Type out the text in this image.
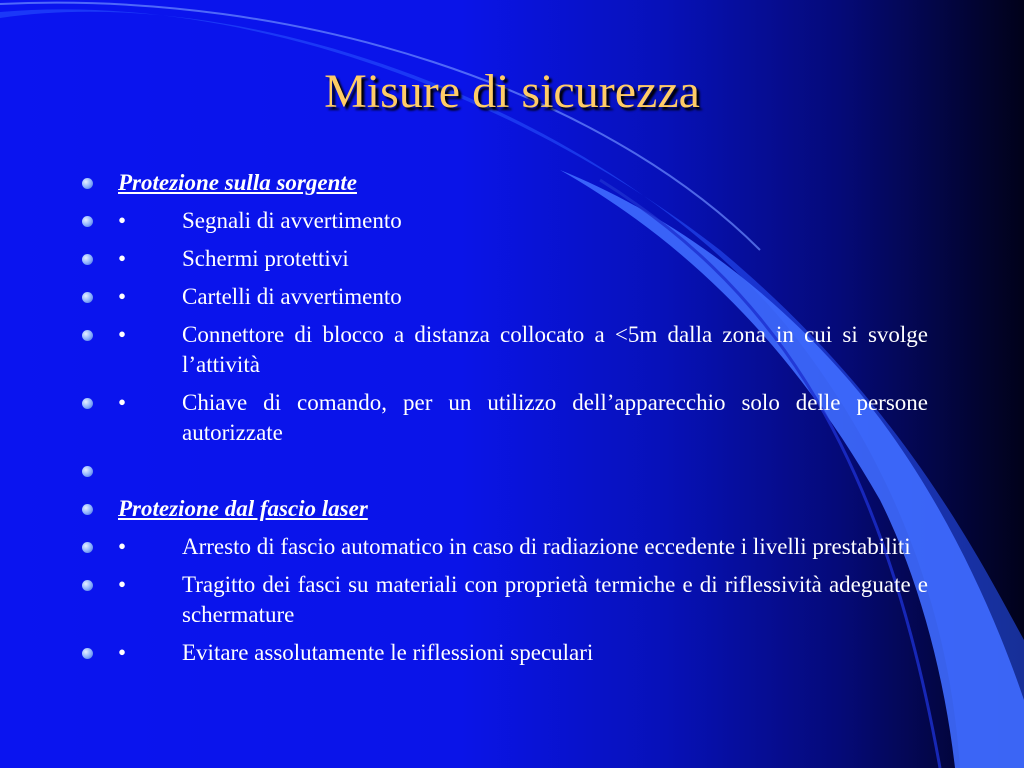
Misure di sicurezza
Protezione sulla sorgente
•	Segnali di avvertimento
•	Schermi protettivi
•	Cartelli di avvertimento
•	Connettore di blocco a distanza collocato a <5m dalla zona in cui si svolge l’attività
•	Chiave di comando, per un utilizzo dell’apparecchio solo delle persone autorizzate
Protezione dal fascio laser
•	Arresto di fascio automatico in caso di radiazione eccedente i livelli prestabiliti
•	Tragitto dei fasci su materiali con proprietà termiche e di riflessività adeguate e schermature
•	Evitare assolutamente le riflessioni speculari
